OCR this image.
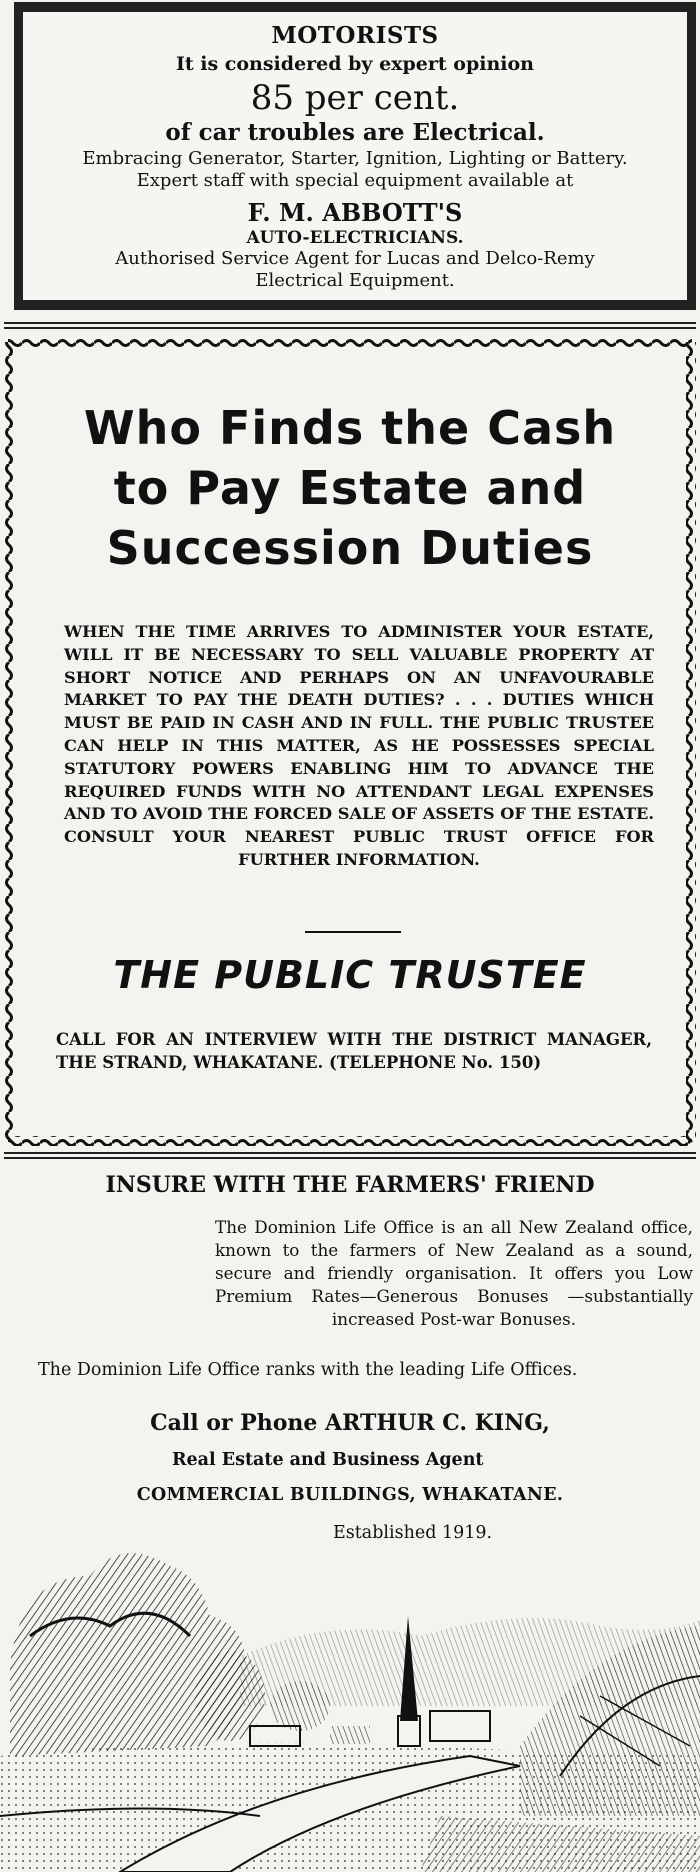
MOTORISTS
It is considered by expert opinion
85 per cent.
of car troubles are Electrical.
Embracing Generator, Starter, Ignition, Lighting or Battery.
Expert staff with special equipment available at
F. M. ABBOTT'S
AUTO-ELECTRICIANS.
Authorised Service Agent for Lucas and Delco-Remy
Electrical Equipment.
Who Finds the Cash
to Pay Estate and
Succession Duties
WHEN THE TIME ARRIVES TO ADMINISTER YOUR ESTATE, WILL IT BE NECESSARY TO SELL VALUABLE PROPERTY AT SHORT NOTICE AND PERHAPS ON AN UNFAVOURABLE MARKET TO PAY THE DEATH DUTIES? . . . DUTIES WHICH MUST BE PAID IN CASH AND IN FULL. THE PUBLIC TRUSTEE CAN HELP IN THIS MATTER, AS HE POSSESSES SPECIAL STATUTORY POWERS ENABLING HIM TO ADVANCE THE REQUIRED FUNDS WITH NO ATTENDANT LEGAL EXPENSES AND TO AVOID THE FORCED SALE OF ASSETS OF THE ESTATE. CONSULT YOUR NEAREST PUBLIC TRUST OFFICE FOR FURTHER INFORMATION.
THE PUBLIC TRUSTEE
CALL FOR AN INTERVIEW WITH THE DISTRICT MANAGER, THE STRAND, WHAKATANE. (TELEPHONE No. 150)
INSURE WITH THE FARMERS' FRIEND
The Dominion Life Office is an all New Zealand office, known to the farmers of New Zealand as a sound, secure and friendly organisation. It offers you Low Premium Rates—Generous Bonuses —substantially increased Post-war Bonuses.
The Dominion Life Office ranks with the leading Life Offices.
Call or Phone ARTHUR C. KING,
Real Estate and Business Agent
COMMERCIAL BUILDINGS, WHAKATANE.
Established 1919.
